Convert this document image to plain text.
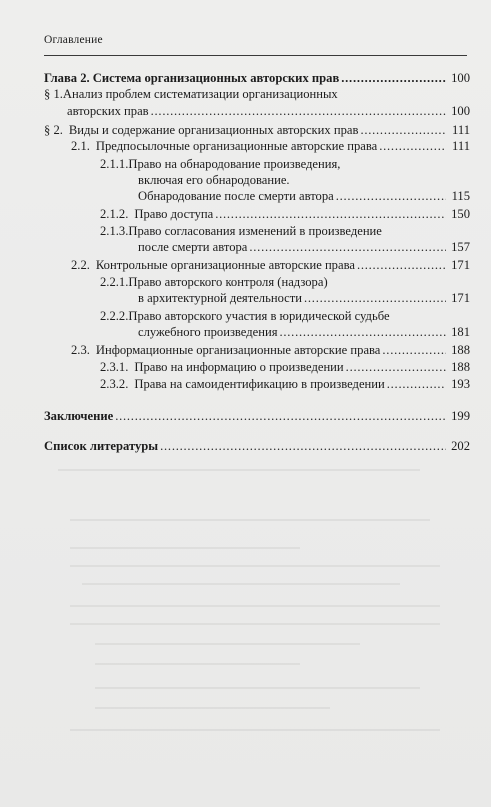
Оглавление
Глава 2. Система организационных авторских прав . . .	100
§ 1.Анализ проблем систематизации организационных
авторских прав . . .	100
§ 2. Виды и содержание организационных авторских прав . . .	111
2.1. Предпосылочные организационные авторские права . . .	111
2.1.1.Право на обнародование произведения,
включая его обнародование.
Обнародование после смерти автора . . .	115
2.1.2. Право доступа . . .	150
2.1.3.Право согласования изменений в произведение
после смерти автора . . .	157
2.2. Контрольные организационные авторские права . . .	171
2.2.1.Право авторского контроля (надзора)
в архитектурной деятельности . . .	171
2.2.2.Право авторского участия в юридической судьбе
служебного произведения . . .	181
2.3. Информационные организационные авторские права . . .	188
2.3.1. Право на информацию о произведении . . .	188
2.3.2. Права на самоидентификацию в произведении . . .	193
Заключение . . .	199
Список литературы . . .	202
